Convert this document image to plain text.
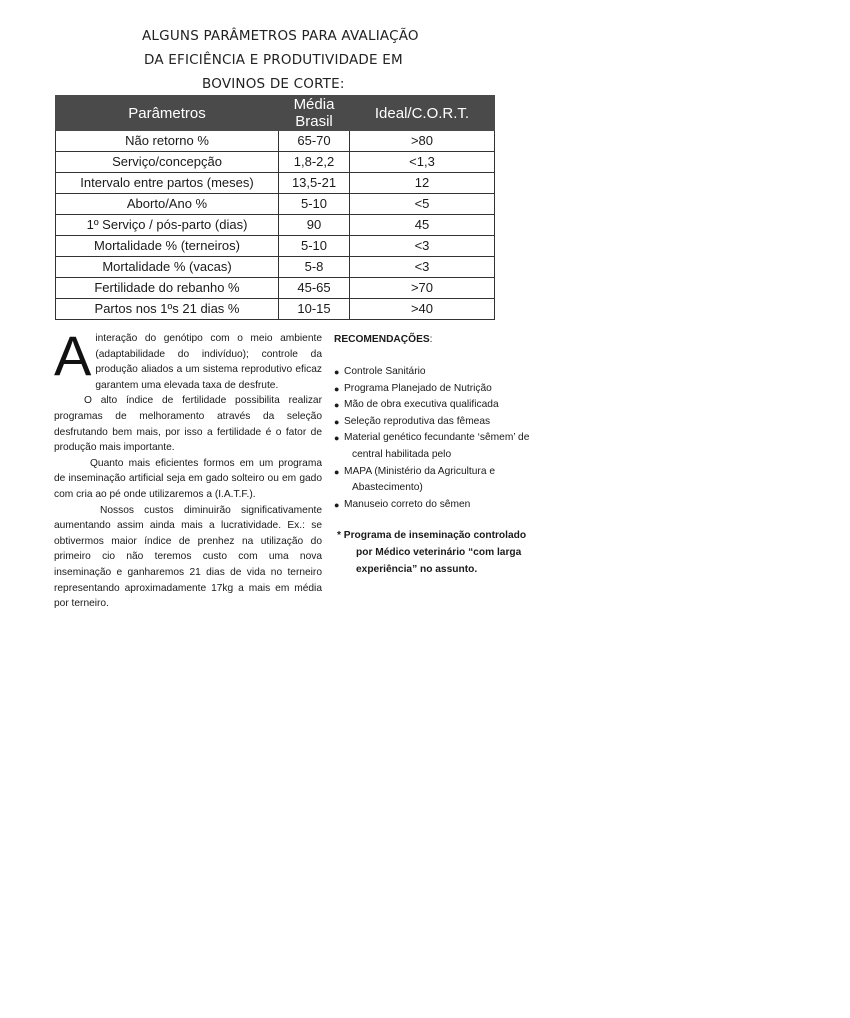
ALGUNS PARÂMETROS PARA AVALIAÇÃO
DA EFICIÊNCIA E PRODUTIVIDADE EM
BOVINOS DE CORTE:
Parâmetros	Média Brasil	Ideal/C.O.R.T.
Não retorno %	65-70	>80
Serviço/concepção	1,8-2,2	<1,3
Intervalo entre partos (meses)	13,5-21	12
Aborto/Ano %	5-10	<5
1º Serviço / pós-parto (dias)	90	45
Mortalidade % (terneiros)	5-10	<3
Mortalidade % (vacas)	5-8	<3
Fertilidade do rebanho %	45-65	>70
Partos nos 1ºs 21 dias %	10-15	>40
A interação do genótipo com o meio ambiente (adaptabilidade do indivíduo); controle da produção aliados a um sistema reprodutivo eficaz garantem uma elevada taxa de desfrute.

O alto índice de fertilidade possibilita realizar programas de melhoramento através da seleção desfrutando bem mais, por isso a fertilidade é o fator de produção mais importante.

Quanto mais eficientes formos em um programa de inseminação artificial seja em gado solteiro ou em gado com cria ao pé onde utilizaremos a (I.A.T.F.).

Nossos custos diminuirão significativamente aumentando assim ainda mais a lucratividade. Ex.: se obtivermos maior índice de prenhez na utilização do primeiro cio não teremos custo com uma nova inseminação e ganharemos 21 dias de vida no terneiro representando aproximadamente 17kg a mais em média por terneiro.

RECOMENDAÇÕES:
● Controle Sanitário
● Programa Planejado de Nutrição
● Mão de obra executiva qualificada
● Seleção reprodutiva das fêmeas
● Material genético fecundante ‘sêmem’ de
central habilitada pelo
● MAPA (Ministério da Agricultura e
Abastecimento)
● Manuseio correto do sêmen
* Programa de inseminação controlado por Médico veterinário “com larga experiência” no assunto.
